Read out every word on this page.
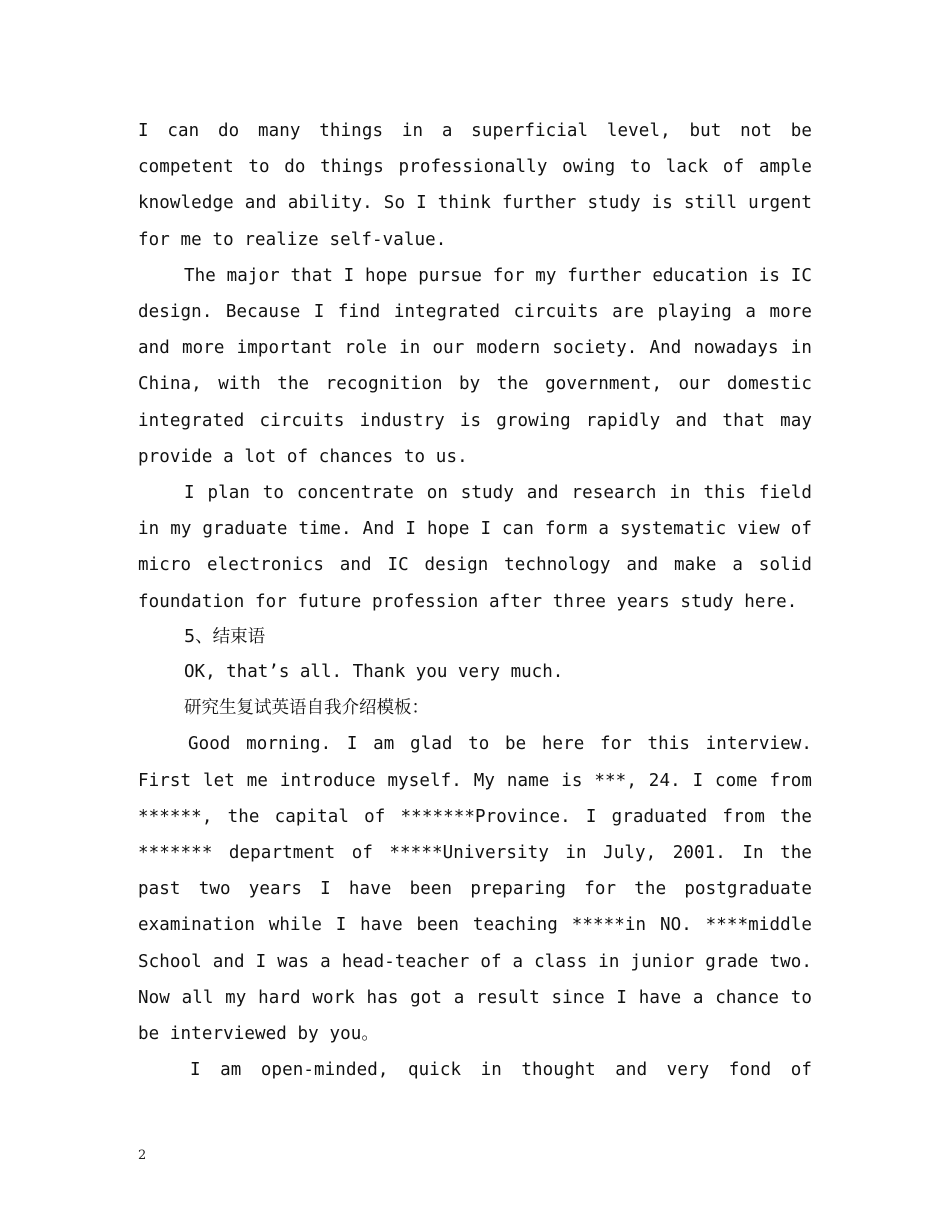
I can do many things in a superficial level, but not be competent to do things professionally owing to lack of ample knowledge and ability. So I think further study is still urgent for me to realize self-value.

The major that I hope pursue for my further education is IC design. Because I find integrated circuits are playing a more and more important role in our modern society. And nowadays in China, with the recognition by the government, our domestic integrated circuits industry is growing rapidly and that may provide a lot of chances to us.

I plan to concentrate on study and research in this field in my graduate time. And I hope I can form a systematic view of micro electronics and IC design technology and make a solid foundation for future profession after three years study here.

5、结束语

OK, that’s all. Thank you very much.

研究生复试英语自我介绍模板：

Good morning. I am glad to be here for this interview. First let me introduce myself. My name is ***, 24. I come from ******, the capital of *******Province. I graduated from the ******* department of *****University in July, 2001. In the past two years I have been preparing for the postgraduate examination while I have been teaching *****in NO. ****middle School and I was a head-teacher of a class in junior grade two. Now all my hard work has got a result since I have a chance to be interviewed by you。

I am open-minded, quick in thought and very fond of

2
